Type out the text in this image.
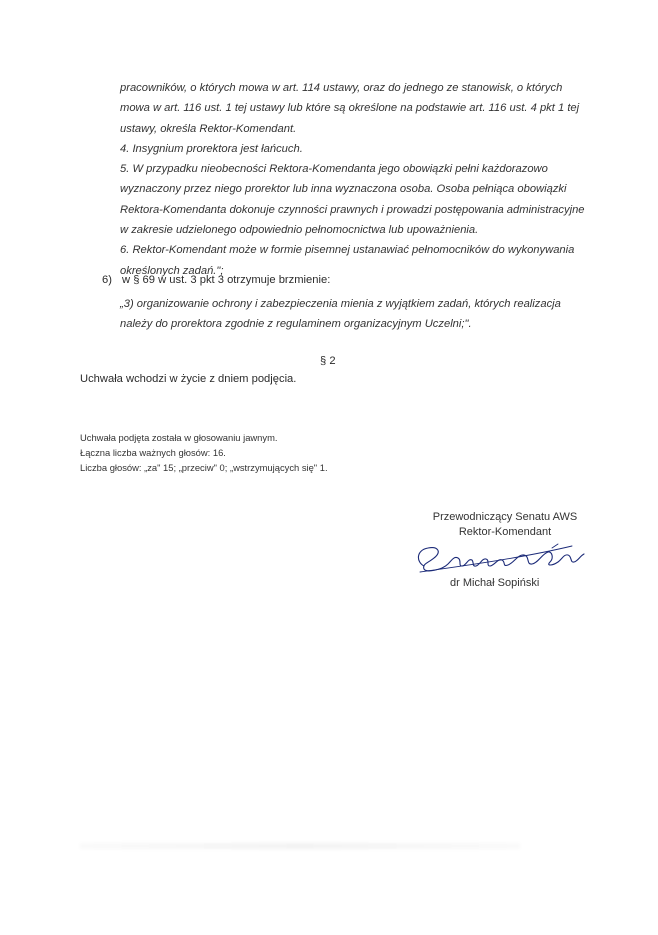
pracowników, o których mowa w art. 114 ustawy, oraz do jednego ze stanowisk, o których
mowa w art. 116 ust. 1 tej ustawy lub które są określone na podstawie art. 116 ust. 4 pkt 1 tej
ustawy, określa Rektor-Komendant.
4. Insygnium prorektora jest łańcuch.
5. W przypadku nieobecności Rektora-Komendanta jego obowiązki pełni każdorazowo
wyznaczony przez niego prorektor lub inna wyznaczona osoba. Osoba pełniąca obowiązki
Rektora-Komendanta dokonuje czynności prawnych i prowadzi postępowania administracyjne
w zakresie udzielonego odpowiednio pełnomocnictwa lub upoważnienia.
6. Rektor-Komendant może w formie pisemnej ustanawiać pełnomocników do wykonywania
określonych zadań.";
6) w § 69 w ust. 3 pkt 3 otrzymuje brzmienie:
„3) organizowanie ochrony i zabezpieczenia mienia z wyjątkiem zadań, których realizacja
należy do prorektora zgodnie z regulaminem organizacyjnym Uczelni;".
§ 2
Uchwała wchodzi w życie z dniem podjęcia.
Uchwała podjęta została w głosowaniu jawnym.
Łączna liczba ważnych głosów: 16.
Liczba głosów: „za" 15; „przeciw" 0; „wstrzymujących się" 1.
Przewodniczący Senatu AWS
Rektor-Komendant
dr Michał Sopiński
